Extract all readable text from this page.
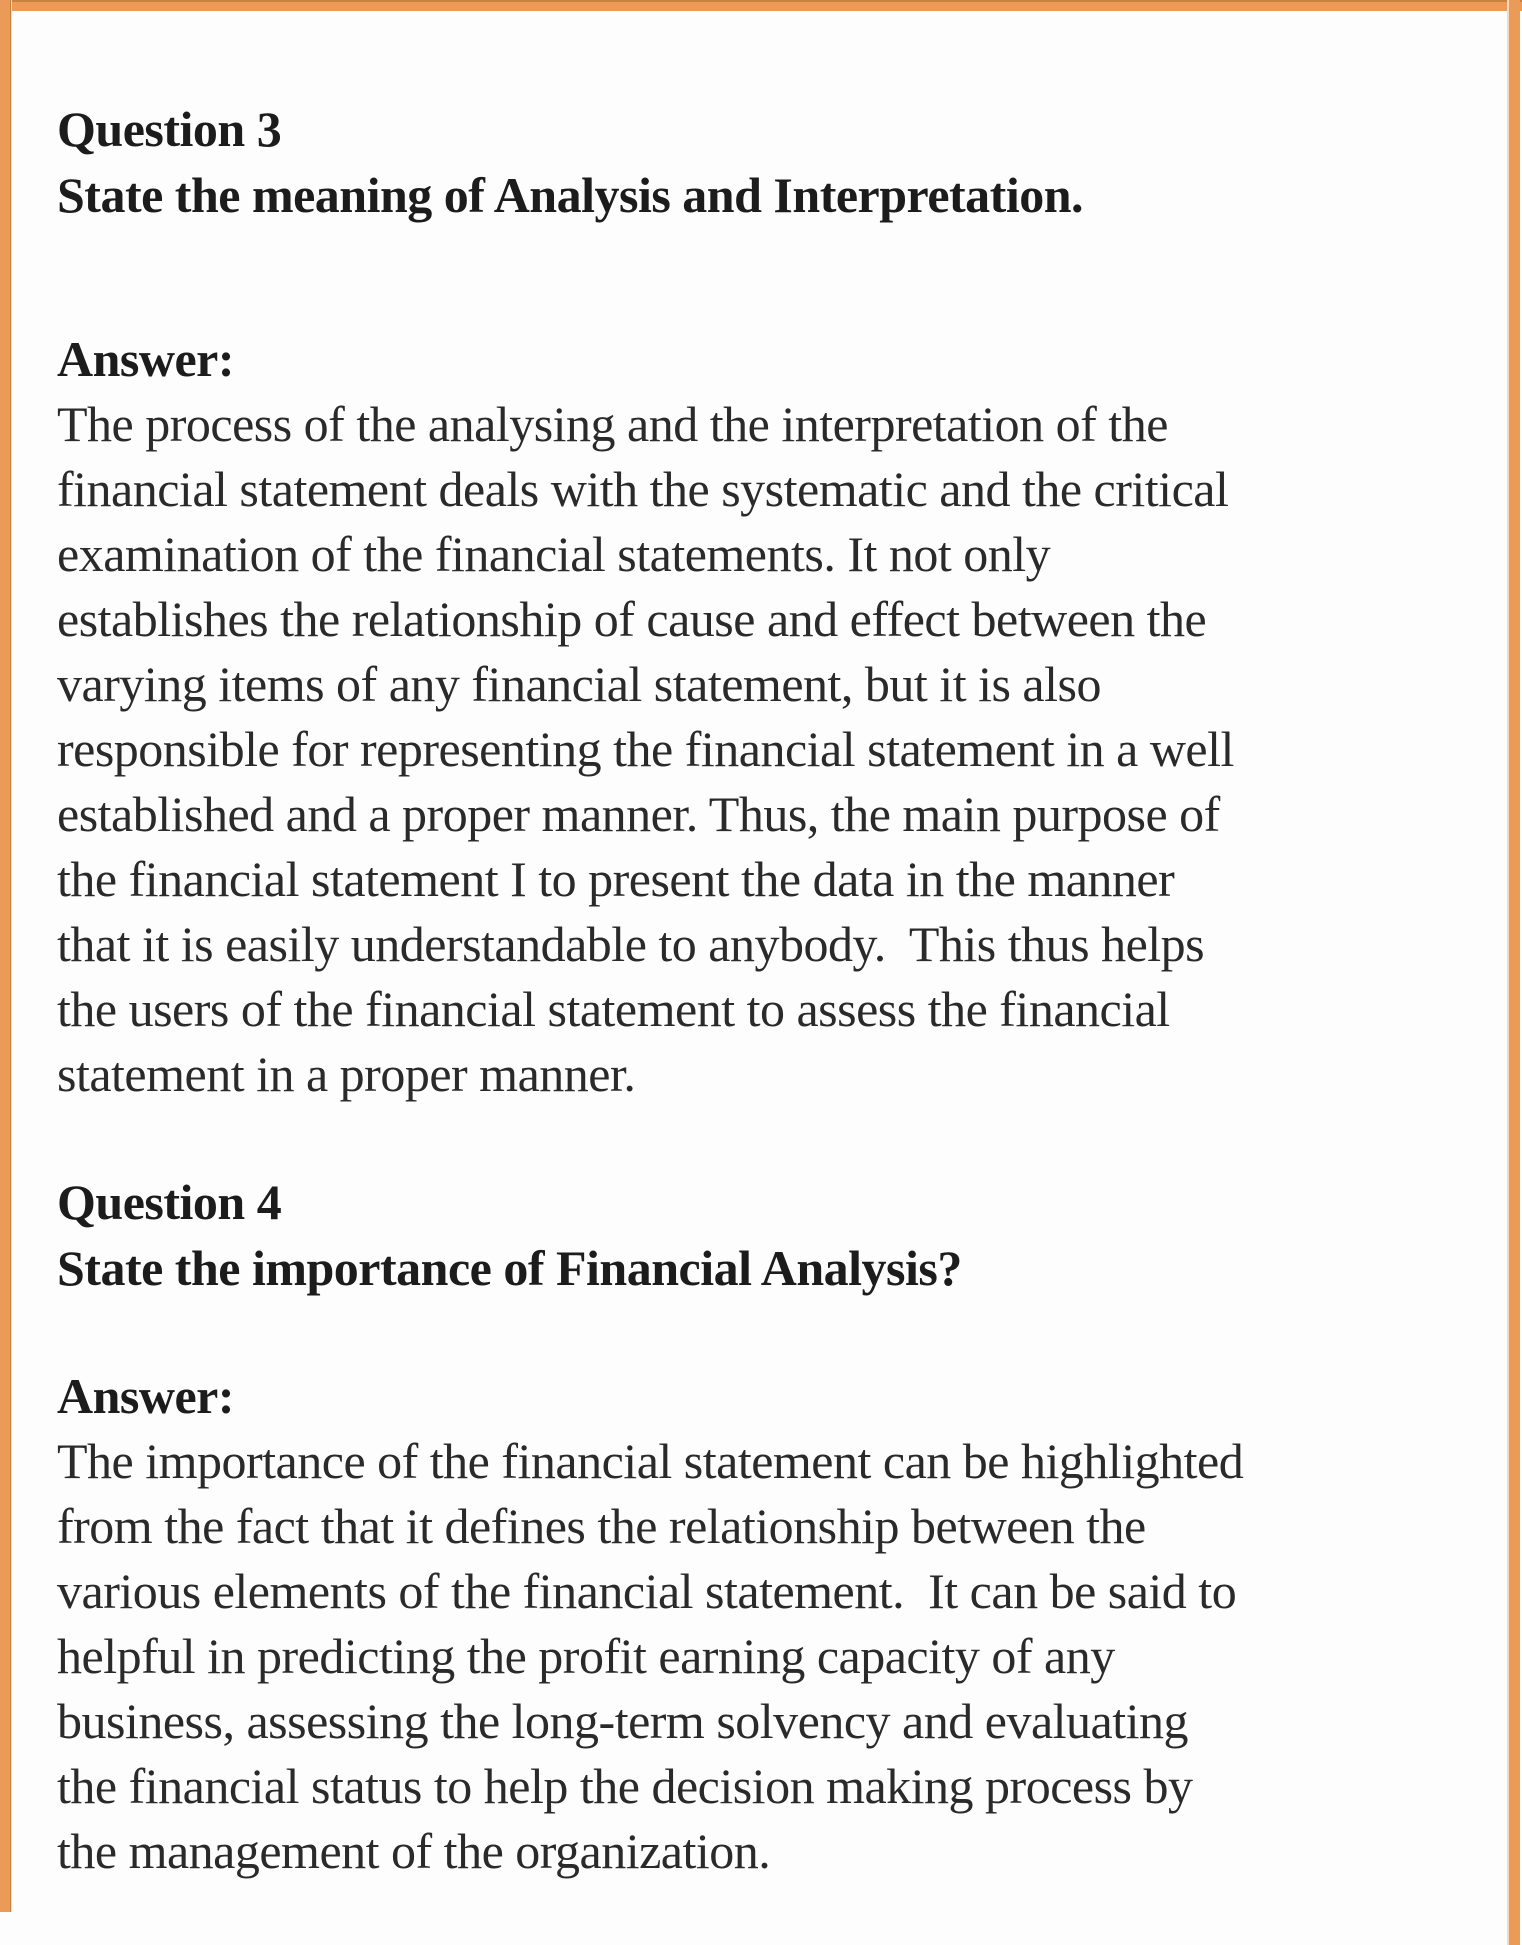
Question 3
State the meaning of Analysis and Interpretation.
Answer:
The process of the analysing and the interpretation of the
financial statement deals with the systematic and the critical
examination of the financial statements. It not only
establishes the relationship of cause and effect between the
varying items of any financial statement, but it is also
responsible for representing the financial statement in a well
established and a proper manner. Thus, the main purpose of
the financial statement I to present the data in the manner
that it is easily understandable to anybody.  This thus helps
the users of the financial statement to assess the financial
statement in a proper manner.
Question 4
State the importance of Financial Analysis?
Answer:
The importance of the financial statement can be highlighted
from the fact that it defines the relationship between the
various elements of the financial statement.  It can be said to
helpful in predicting the profit earning capacity of any
business, assessing the long-term solvency and evaluating
the financial status to help the decision making process by
the management of the organization.
